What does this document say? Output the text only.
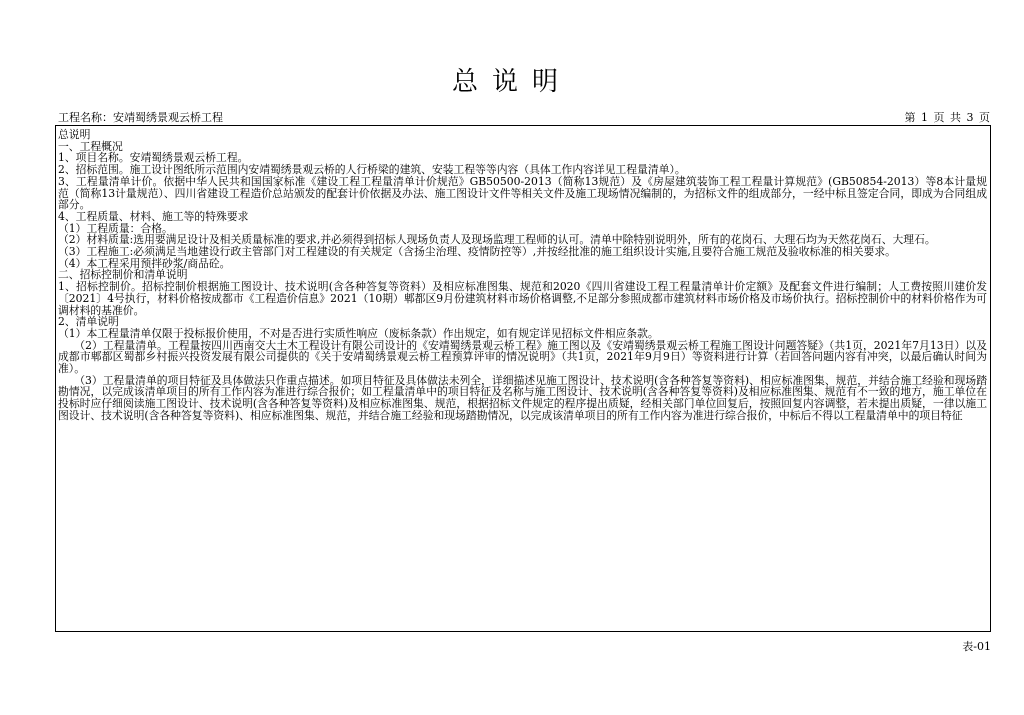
总说明
工程名称：安靖蜀绣景观云桥工程	第 1 页 共 3 页

总说明

一、工程概况

1、项目名称。安靖蜀绣景观云桥工程。

2、招标范围。施工设计图纸所示范围内安靖蜀绣景观云桥的人行桥梁的建筑、安装工程等等内容（具体工作内容详见工程量清单）。

3、工程量清单计价。依据中华人民共和国国家标准《建设工程工程量清单计价规范》GB50500-2013（简称13规范）及《房屋建筑装饰工程工程量计算规范》(GB50854-2013）等8本计量规范（简称13计量规范）、四川省建设工程造价总站颁发的配套计价依据及办法、施工图设计文件等相关文件及施工现场情况编制的，为招标文件的组成部分，一经中标且签定合同，即成为合同组成部分。

4、工程质量、材料、施工等的特殊要求

（1）工程质量：合格。

（2）材料质量:选用要满足设计及相关质量标准的要求,并必须得到招标人现场负责人及现场监理工程师的认可。清单中除特别说明外，所有的花岗石、大理石均为天然花岗石、大理石。

（3）工程施工:必须满足当地建设行政主管部门对工程建设的有关规定（含扬尘治理、疫情防控等）,并按经批准的施工组织设计实施,且要符合施工规范及验收标准的相关要求。

（4）本工程采用预拌砂浆/商品砼。

二、招标控制价和清单说明

1、招标控制价。招标控制价根据施工图设计、技术说明(含各种答复等资料）及相应标准图集、规范和2020《四川省建设工程工程量清单计价定额》及配套文件进行编制；人工费按照川建价发〔2021〕4号执行，材料价格按成都市《工程造价信息》2021（10期）郫都区9月份建筑材料市场价格调整,不足部分参照成都市建筑材料市场价格及市场价执行。招标控制价中的材料价格作为可调材料的基准价。

2、清单说明

（1）本工程量清单仅限于投标报价使用，不对是否进行实质性响应（废标条款）作出规定，如有规定详见招标文件相应条款。

　　（2）工程量清单。工程量按四川西南交大土木工程设计有限公司设计的《安靖蜀绣景观云桥工程》施工图以及《安靖蜀绣景观云桥工程施工图设计问题答疑》（共1页，2021年7月13日）以及成都市郫都区蜀都乡村振兴投资发展有限公司提供的《关于安靖蜀绣景观云桥工程预算评审的情况说明》（共1页，2021年9月9日）等资料进行计算（若回答问题内容有冲突，以最后确认时间为准）。

　　（3）工程量清单的项目特征及具体做法只作重点描述。如项目特征及具体做法未列全，详细描述见施工图设计、技术说明(含各种答复等资料)、相应标准图集、规范，并结合施工经验和现场踏勘情况，以完成该清单项目的所有工作内容为准进行综合报价；如工程量清单中的项目特征及名称与施工图设计、技术说明(含各种答复等资料)及相应标准图集、规范有不一致的地方，施工单位在投标时应仔细阅读施工图设计、技术说明(含各种答复等资料)及相应标准图集、规范，根据招标文件规定的程序提出质疑，经相关部门单位回复后，按照回复内容调整，若未提出质疑，一律以施工图设计、技术说明(含各种答复等资料)、相应标准图集、规范，并结合施工经验和现场踏勘情况，以完成该清单项目的所有工作内容为准进行综合报价，中标后不得以工程量清单中的项目特征

表-01
